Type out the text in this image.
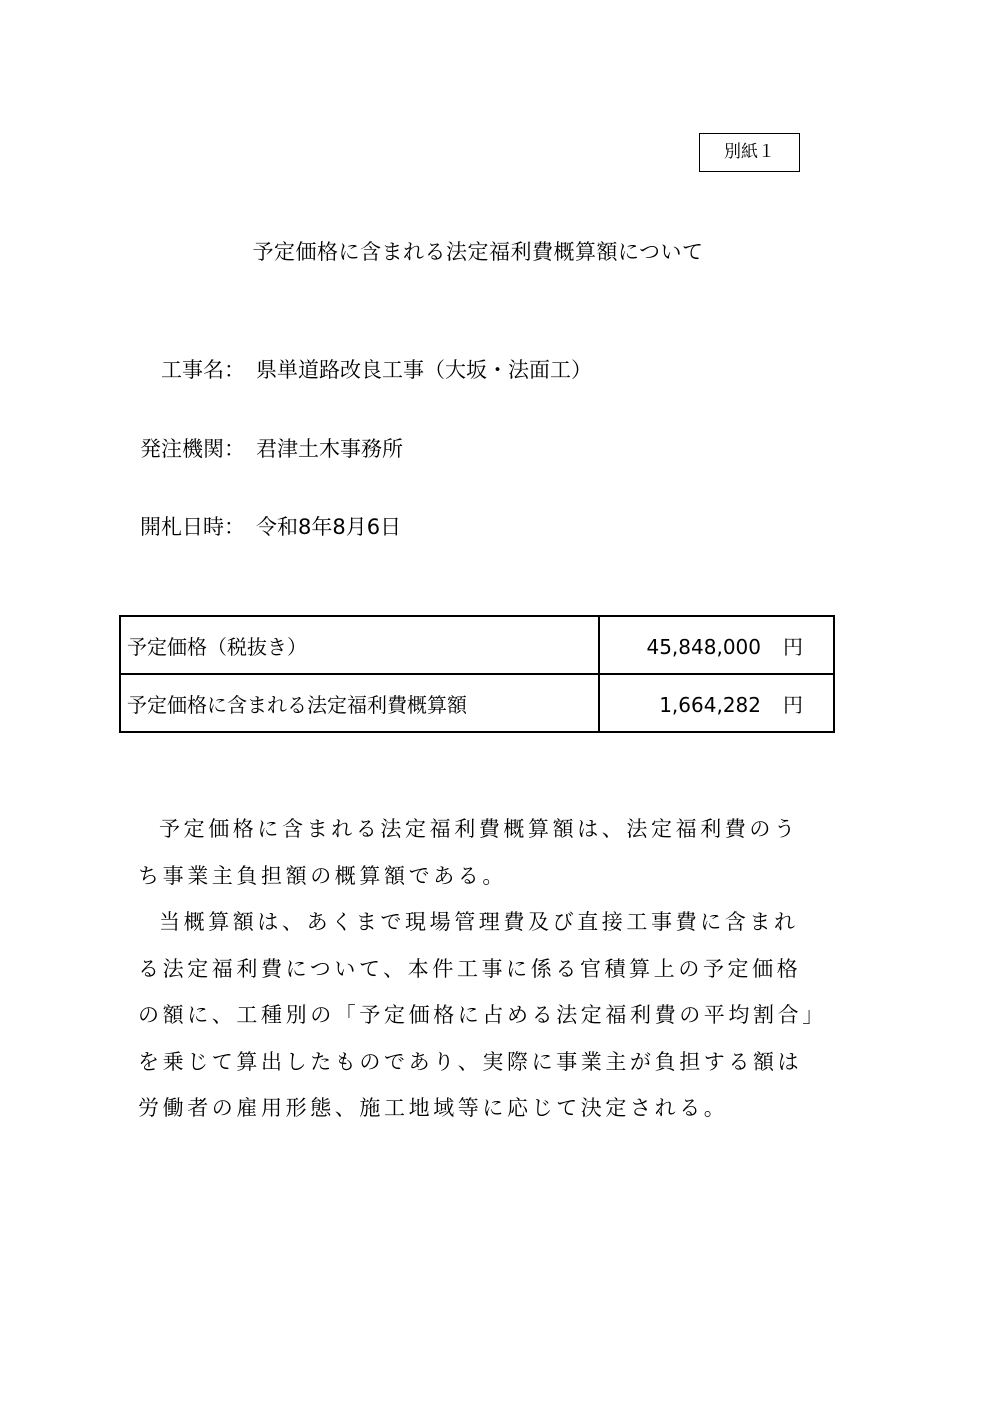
別紙１
予定価格に含まれる法定福利費概算額について
工事名： 県単道路改良工事（大坂・法面工）
発注機関： 君津土木事務所
開札日時： 令和8年8月6日
予定価格（税抜き）	45,848,000 円
予定価格に含まれる法定福利費概算額	1,664,282 円

予定価格に含まれる法定福利費概算額は、法定福利費のうち事業主負担額の概算額である。

当概算額は、あくまで現場管理費及び直接工事費に含まれる法定福利費について、本件工事に係る官積算上の予定価格の額に、工種別の「予定価格に占める法定福利費の平均割合」を乗じて算出したものであり、実際に事業主が負担する額は労働者の雇用形態、施工地域等に応じて決定される。
